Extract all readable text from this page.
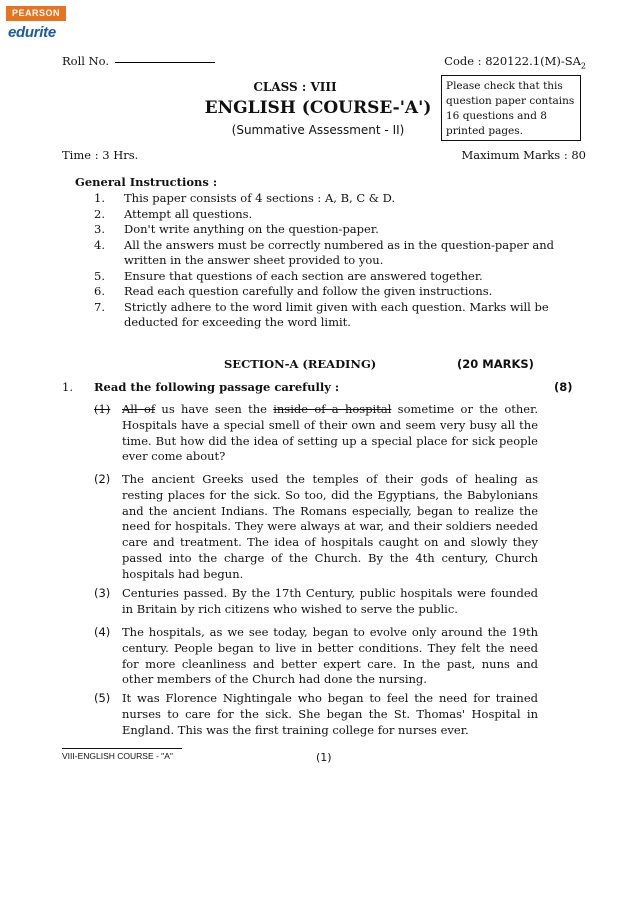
PEARSON
edurite
Roll No.	Code : $820122.1(M)-SA_2$
CLASS : VIII
ENGLISH (COURSE-'A')
(Summative Assessment - II)
Please check that this question paper contains 16 questions and 8 printed pages.
Time : 3 Hrs.	Maximum Marks : 80
General Instructions :
1.	This paper consists of 4 sections : A, B, C & D.
2.	Attempt all questions.
3.	Don't write anything on the question-paper.
4.	All the answers must be correctly numbered as in the question-paper and written in the answer sheet provided to you.
5.	Ensure that questions of each section are answered together.
6.	Read each question carefully and follow the given instructions.
7.	Strictly adhere to the word limit given with each question. Marks will be deducted for exceeding the word limit.
SECTION-A (READING)	(20 MARKS)
1. Read the following passage carefully :	(8)
(1) All of us have seen the inside of a hospital sometime or the other. Hospitals have a special smell of their own and seem very busy all the time. But how did the idea of setting up a special place for sick people ever come about?
(2) The ancient Greeks used the temples of their gods of healing as resting places for the sick. So too, did the Egyptians, the Babylonians and the ancient Indians. The Romans especially, began to realize the need for hospitals. They were always at war, and their soldiers needed care and treatment. The idea of hospitals caught on and slowly they passed into the charge of the Church. By the 4th century, Church hospitals had begun.
(3) Centuries passed. By the 17th Century, public hospitals were founded in Britain by rich citizens who wished to serve the public.
(4) The hospitals, as we see today, began to evolve only around the 19th century. People began to live in better conditions. They felt the need for more cleanliness and better expert care. In the past, nuns and other members of the Church had done the nursing.
(5) It was Florence Nightingale who began to feel the need for trained nurses to care for the sick. She began the St. Thomas' Hospital in England. This was the first training college for nurses ever.
VIII-ENGLISH COURSE - "A"	(1)
